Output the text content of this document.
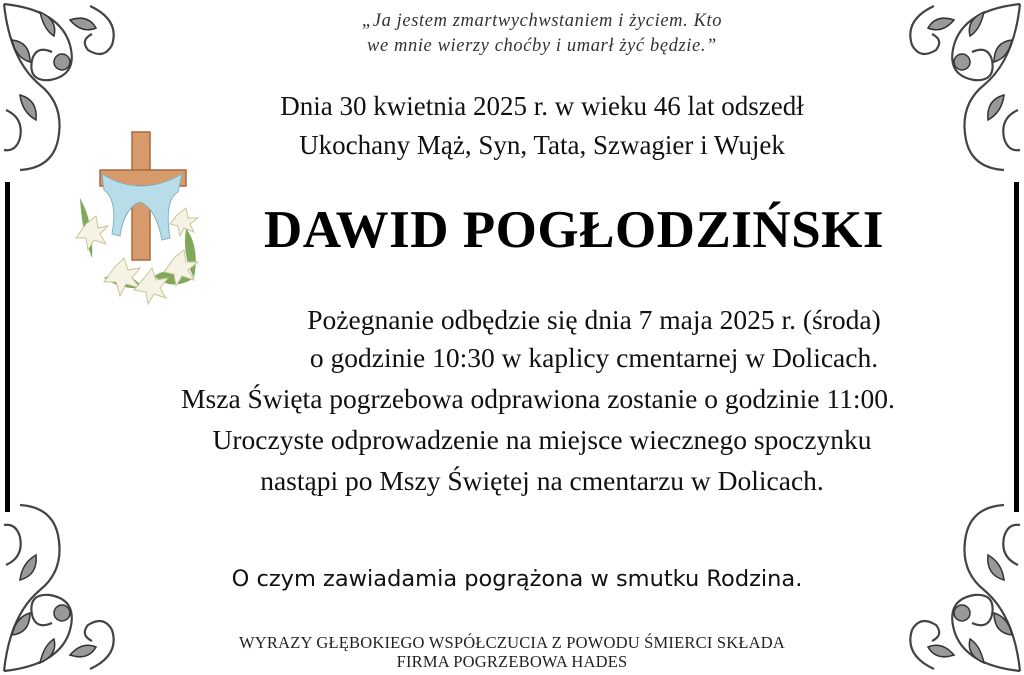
„Ja jestem zmartwychwstaniem i życiem. Kto
we mnie wierzy choćby i umarł żyć będzie.”
Dnia 30 kwietnia 2025 r. w wieku 46 lat odszedł
Ukochany Mąż, Syn, Tata, Szwagier i Wujek
DAWID POGŁODZIŃSKI
Pożegnanie odbędzie się dnia 7 maja 2025 r. (środa)
o godzinie 10:30 w kaplicy cmentarnej w Dolicach.
Msza Święta pogrzebowa odprawiona zostanie o godzinie 11:00.
Uroczyste odprowadzenie na miejsce wiecznego spoczynku
nastąpi po Mszy Świętej na cmentarzu w Dolicach.
O czym zawiadamia pogrążona w smutku Rodzina.
WYRAZY GŁĘBOKIEGO WSPÓŁCZUCIA Z POWODU ŚMIERCI SKŁADA
FIRMA POGRZEBOWA HADES
